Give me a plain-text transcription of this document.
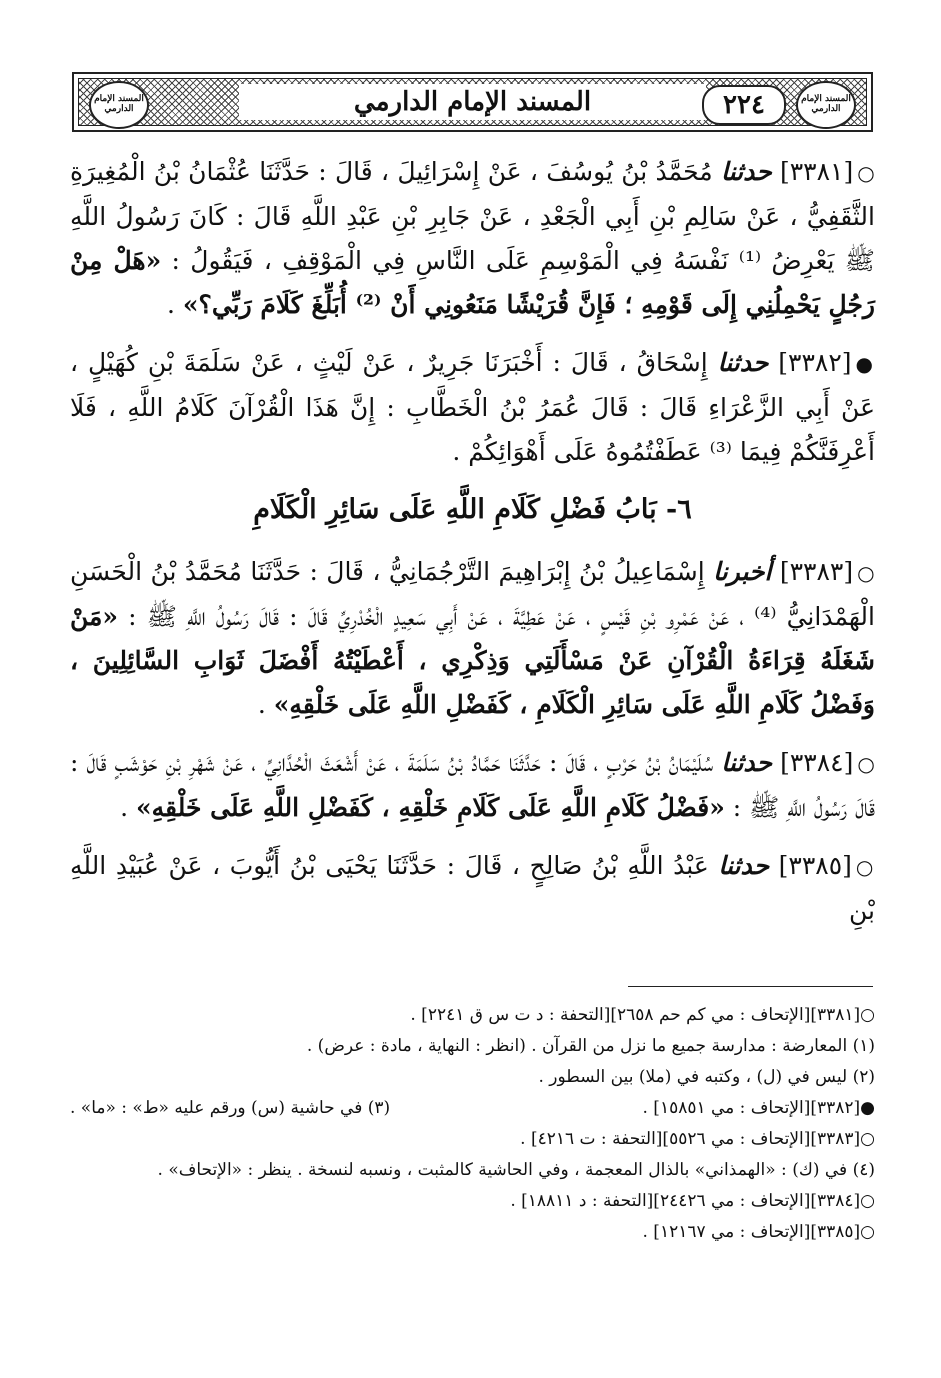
المسند الإمام الدارمي	المسند الإمام الدارمي	٢٢٤	المسند الإمام الدارمي

○[٣٣٨١] حدثنا مُحَمَّدُ بْنُ يُوسُفَ ، عَنْ إِسْرَائِيلَ ، قَالَ : حَدَّثَنَا عُثْمَانُ بْنُ الْمُغِيرَةِ الثَّقَفِيُّ ، عَنْ سَالِمِ بْنِ أَبِي الْجَعْدِ ، عَنْ جَابِرِ بْنِ عَبْدِ اللَّهِ قَالَ : كَانَ رَسُولُ اللَّهِ ﷺ يَعْرِضُ ⁽¹⁾ نَفْسَهُ فِي الْمَوْسِمِ عَلَى النَّاسِ فِي الْمَوْقِفِ ، فَيَقُولُ : «هَلْ مِنْ رَجُلٍ يَحْمِلُنِي إِلَى قَوْمِهِ ؛ فَإِنَّ قُرَيْشًا مَنَعُونِي أَنْ ⁽²⁾ أُبَلِّغَ كَلَامَ رَبِّي؟» .

●[٣٣٨٢] حدثنا إِسْحَاقُ ، قَالَ : أَخْبَرَنَا جَرِيرٌ ، عَنْ لَيْثٍ ، عَنْ سَلَمَةَ بْنِ كُهَيْلٍ ، عَنْ أَبِي الزَّعْرَاءِ قَالَ : قَالَ عُمَرُ بْنُ الْخَطَّابِ : إِنَّ هَذَا الْقُرْآنَ كَلَامُ اللَّهِ ، فَلَا أَعْرِفَنَّكُمْ فِيمَا ⁽³⁾ عَطَفْتُمُوهُ عَلَى أَهْوَائِكُمْ .

٦- بَابُ فَضْلِ كَلَامِ اللَّهِ عَلَى سَائِرِ الْكَلَامِ

○[٣٣٨٣] أخبرنا إِسْمَاعِيلُ بْنُ إِبْرَاهِيمَ التَّرْجُمَانِيُّ ، قَالَ : حَدَّثَنَا مُحَمَّدُ بْنُ الْحَسَنِ الْهَمْدَانِيُّ ⁽⁴⁾ ، عَنْ عَمْرِو بْنِ قَيْسٍ ، عَنْ عَطِيَّةَ ، عَنْ أَبِي سَعِيدٍ الْخُدْرِيِّ قَالَ : قَالَ رَسُولُ اللَّهِ ﷺ : «مَنْ شَغَلَهُ قِرَاءَةُ الْقُرْآنِ عَنْ مَسْأَلَتِي وَذِكْرِي ، أَعْطَيْتُهُ أَفْضَلَ ثَوَابِ السَّائِلِينَ ، وَفَضْلُ كَلَامِ اللَّهِ عَلَى سَائِرِ الْكَلَامِ ، كَفَضْلِ اللَّهِ عَلَى خَلْقِهِ» .

○[٣٣٨٤] حدثنا سُلَيْمَانُ بْنُ حَرْبٍ ، قَالَ : حَدَّثَنَا حَمَّادُ بْنُ سَلَمَةَ ، عَنْ أَشْعَثَ الْحُدَّانِيِّ ، عَنْ شَهْرِ بْنِ حَوْشَبٍ قَالَ : قَالَ رَسُولُ اللَّهِ ﷺ : «فَضْلُ كَلَامِ اللَّهِ عَلَى كَلَامِ خَلْقِهِ ، كَفَضْلِ اللَّهِ عَلَى خَلْقِهِ» .

○[٣٣٨٥] حدثنا عَبْدُ اللَّهِ بْنُ صَالِحٍ ، قَالَ : حَدَّثَنَا يَحْيَى بْنُ أَيُّوبَ ، عَنْ عُبَيْدِ اللَّهِ بْنِ

○[٣٣٨١][الإتحاف : مي كم حم ٢٦٥٨][التحفة : د ت س ق ٢٢٤١] .

(١) المعارضة : مدارسة جميع ما نزل من القرآن . (انظر : النهاية ، مادة : عرض) .

(٢) ليس في (ل) ، وكتبه في (ملا) بين السطور .

●[٣٣٨٢][الإتحاف : مي ١٥٨٥١] .
(٣) في حاشية (س) ورقم عليه «ط» : «ما» .

○[٣٣٨٣][الإتحاف : مي ٥٥٢٦][التحفة : ت ٤٢١٦] .

(٤) في (ك) : «الهمذاني» بالذال المعجمة ، وفي الحاشية كالمثبت ، ونسبه لنسخة . ينظر : «الإتحاف» .

○[٣٣٨٤][الإتحاف : مي ٢٤٤٢٦][التحفة : د ١٨٨١١] .

○[٣٣٨٥][الإتحاف : مي ١٢١٦٧] .
